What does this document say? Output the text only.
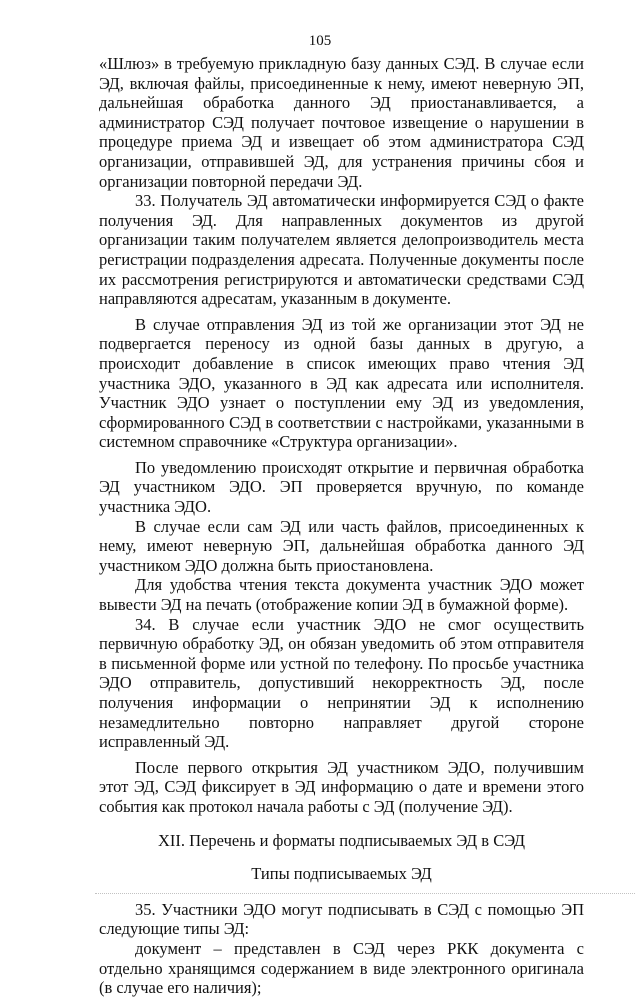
105

«Шлюз» в требуемую прикладную базу данных СЭД. В случае если ЭД, включая файлы, присоединенные к нему, имеют неверную ЭП, дальнейшая обработка данного ЭД приостанавливается, а администратор СЭД получает почтовое извещение о нарушении в процедуре приема ЭД и извещает об этом администратора СЭД организации, отправившей ЭД, для устранения причины сбоя и организации повторной передачи ЭД.

33. Получатель ЭД автоматически информируется СЭД о факте получения ЭД. Для направленных документов из другой организации таким получателем является делопроизводитель места регистрации подразделения адресата. Полученные документы после их рассмотрения регистрируются и автоматически средствами СЭД направляются адресатам, указанным в документе.

В случае отправления ЭД из той же организации этот ЭД не подвергается переносу из одной базы данных в другую, а происходит добавление в список имеющих право чтения ЭД участника ЭДО, указанного в ЭД как адресата или исполнителя. Участник ЭДО узнает о поступлении ему ЭД из уведомления, сформированного СЭД в соответствии с настройками, указанными в системном справочнике «Структура организации».

По уведомлению происходят открытие и первичная обработка ЭД участником ЭДО. ЭП проверяется вручную, по команде участника ЭДО.

В случае если сам ЭД или часть файлов, присоединенных к нему, имеют неверную ЭП, дальнейшая обработка данного ЭД участником ЭДО должна быть приостановлена.

Для удобства чтения текста документа участник ЭДО может вывести ЭД на печать (отображение копии ЭД в бумажной форме).

34. В случае если участник ЭДО не смог осуществить первичную обработку ЭД, он обязан уведомить об этом отправителя в письменной форме или устной по телефону. По просьбе участника ЭДО отправитель, допустивший некорректность ЭД, после получения информации о непринятии ЭД к исполнению незамедлительно повторно направляет другой стороне исправленный ЭД.

После первого открытия ЭД участником ЭДО, получившим этот ЭД, СЭД фиксирует в ЭД информацию о дате и времени этого события как протокол начала работы с ЭД (получение ЭД).

XII. Перечень и форматы подписываемых ЭД в СЭД

Типы подписываемых ЭД

35. Участники ЭДО могут подписывать в СЭД с помощью ЭП следующие типы ЭД:

документ – представлен в СЭД через РКК документа с отдельно хранящимся содержанием в виде электронного оригинала (в случае его наличия);
